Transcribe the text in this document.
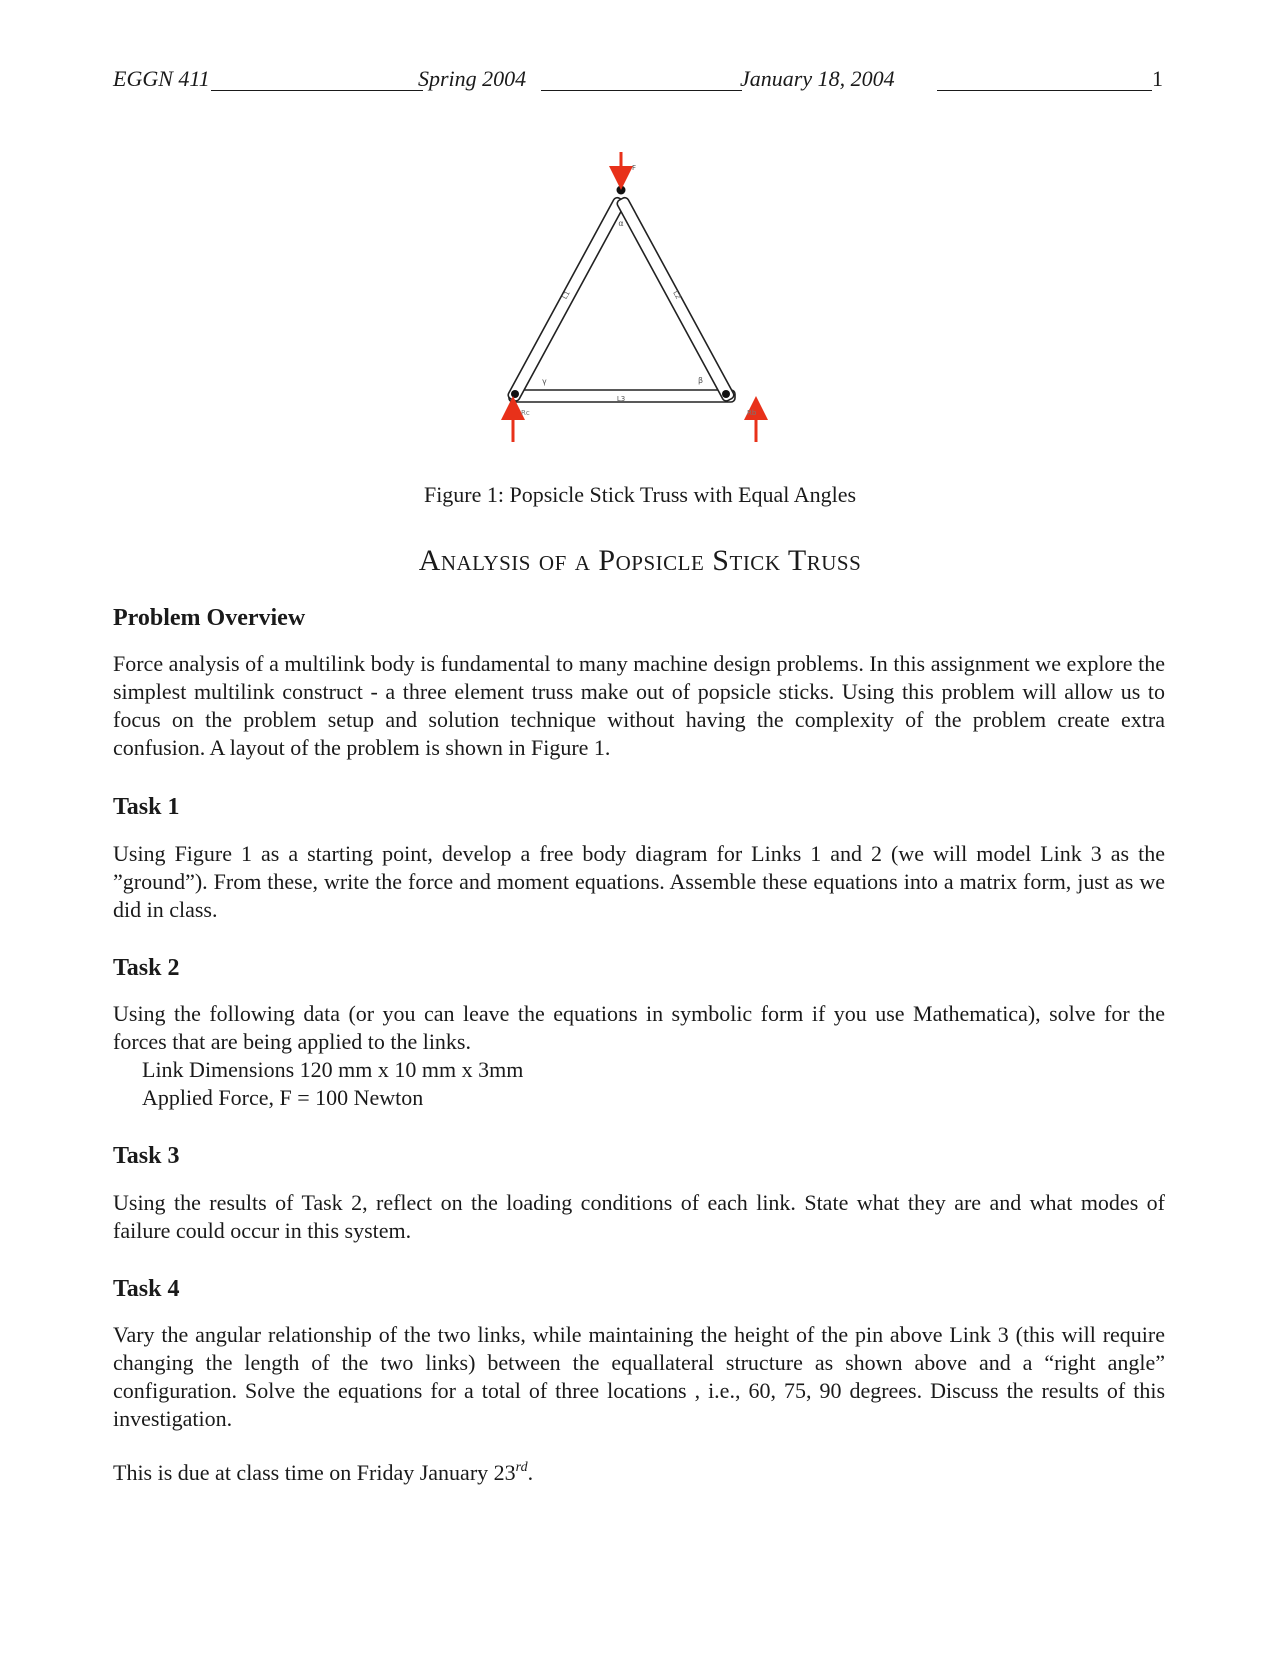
EGGN 411	Spring 2004	January 18, 2004	1
F
α
γ	β
L3
L1	L2
Rc	Rb
Figure 1: Popsicle Stick Truss with Equal Angles
Analysis of a Popsicle Stick Truss
Problem Overview
Force analysis of a multilink body is fundamental to many machine design problems. In this assignment we explore the simplest multilink construct - a three element truss make out of popsicle sticks. Using this problem will allow us to focus on the problem setup and solution technique without having the complexity of the problem create extra confusion. A layout of the problem is shown in Figure 1.
Task 1
Using Figure 1 as a starting point, develop a free body diagram for Links 1 and 2 (we will model Link 3 as the ”ground”). From these, write the force and moment equations. Assemble these equations into a matrix form, just as we did in class.
Task 2
Using the following data (or you can leave the equations in symbolic form if you use Mathematica), solve for the forces that are being applied to the links.
Link Dimensions 120 mm x 10 mm x 3mm
Applied Force, F = 100 Newton
Task 3
Using the results of Task 2, reflect on the loading conditions of each link. State what they are and what modes of failure could occur in this system.
Task 4
Vary the angular relationship of the two links, while maintaining the height of the pin above Link 3 (this will require changing the length of the two links) between the equallateral structure as shown above and a “right angle” configuration. Solve the equations for a total of three locations , i.e., 60, 75, 90 degrees. Discuss the results of this investigation.
This is due at class time on Friday January 23rd.
